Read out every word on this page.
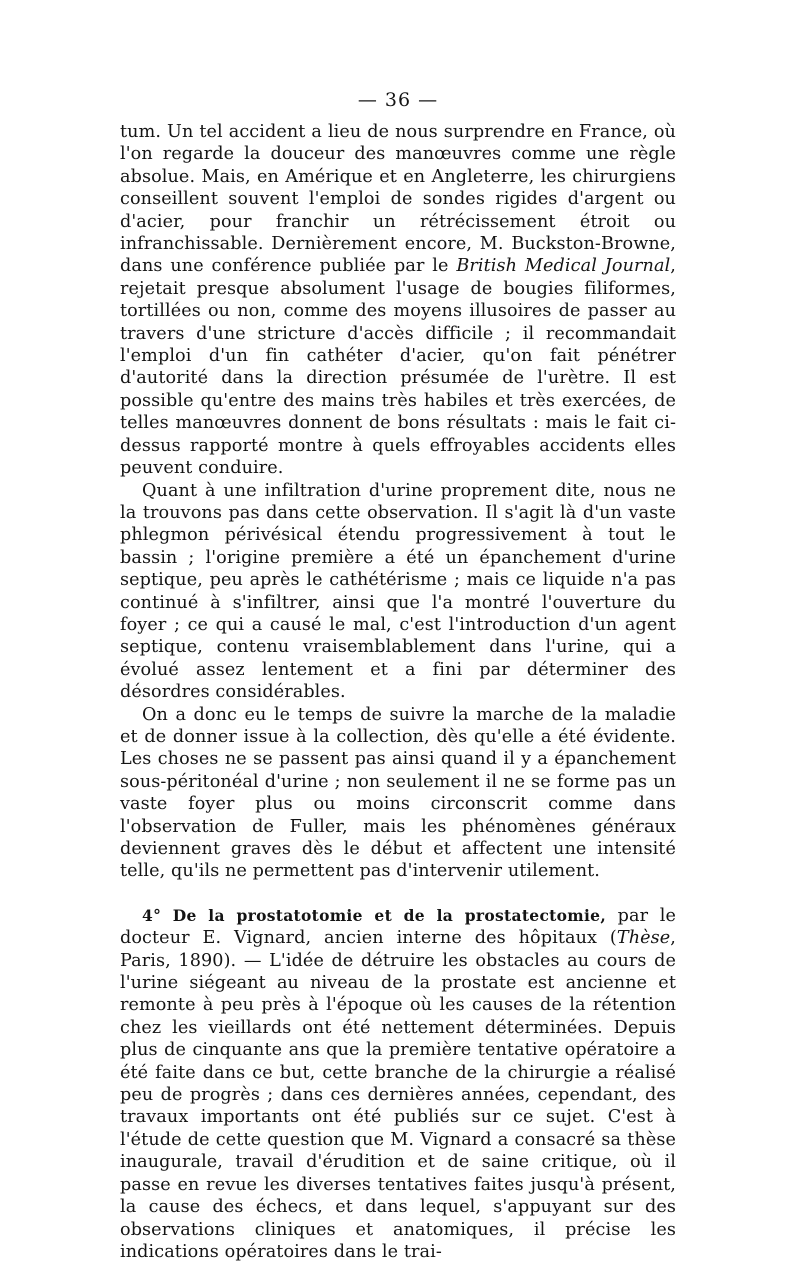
— 36 —

tum. Un tel accident a lieu de nous surprendre en France, où l'on regarde la douceur des manœuvres comme une règle absolue. Mais, en Amérique et en Angleterre, les chirurgiens conseillent souvent l'emploi de sondes rigides d'argent ou d'acier, pour franchir un rétrécissement étroit ou infranchissable. Dernièrement encore, M. Buckston-Browne, dans une conférence publiée par le British Medical Journal, rejetait presque absolument l'usage de bougies filiformes, tortillées ou non, comme des moyens illusoires de passer au travers d'une stricture d'accès difficile ; il recommandait l'emploi d'un fin cathéter d'acier, qu'on fait pénétrer d'autorité dans la direction présumée de l'urètre. Il est possible qu'entre des mains très habiles et très exercées, de telles manœuvres donnent de bons résultats : mais le fait ci-dessus rapporté montre à quels effroyables accidents elles peuvent conduire.

Quant à une infiltration d'urine proprement dite, nous ne la trouvons pas dans cette observation. Il s'agit là d'un vaste phlegmon périvésical étendu progressivement à tout le bassin ; l'origine première a été un épanchement d'urine septique, peu après le cathétérisme ; mais ce liquide n'a pas continué à s'infiltrer, ainsi que l'a montré l'ouverture du foyer ; ce qui a causé le mal, c'est l'introduction d'un agent septique, contenu vraisemblablement dans l'urine, qui a évolué assez lentement et a fini par déterminer des désordres considérables.

On a donc eu le temps de suivre la marche de la maladie et de donner issue à la collection, dès qu'elle a été évidente. Les choses ne se passent pas ainsi quand il y a épanchement sous-péritonéal d'urine ; non seulement il ne se forme pas un vaste foyer plus ou moins circonscrit comme dans l'observation de Fuller, mais les phénomènes généraux deviennent graves dès le début et affectent une intensité telle, qu'ils ne permettent pas d'intervenir utilement.

4° De la prostatotomie et de la prostatectomie, par le docteur E. Vignard, ancien interne des hôpitaux (Thèse, Paris, 1890). — L'idée de détruire les obstacles au cours de l'urine siégeant au niveau de la prostate est ancienne et remonte à peu près à l'époque où les causes de la rétention chez les vieillards ont été nettement déterminées. Depuis plus de cinquante ans que la première tentative opératoire a été faite dans ce but, cette branche de la chirurgie a réalisé peu de progrès ; dans ces dernières années, cependant, des travaux importants ont été publiés sur ce sujet. C'est à l'étude de cette question que M. Vignard a consacré sa thèse inaugurale, travail d'érudition et de saine critique, où il passe en revue les diverses tentatives faites jusqu'à présent, la cause des échecs, et dans lequel, s'appuyant sur des observations cliniques et anatomiques, il précise les indications opératoires dans le trai-
